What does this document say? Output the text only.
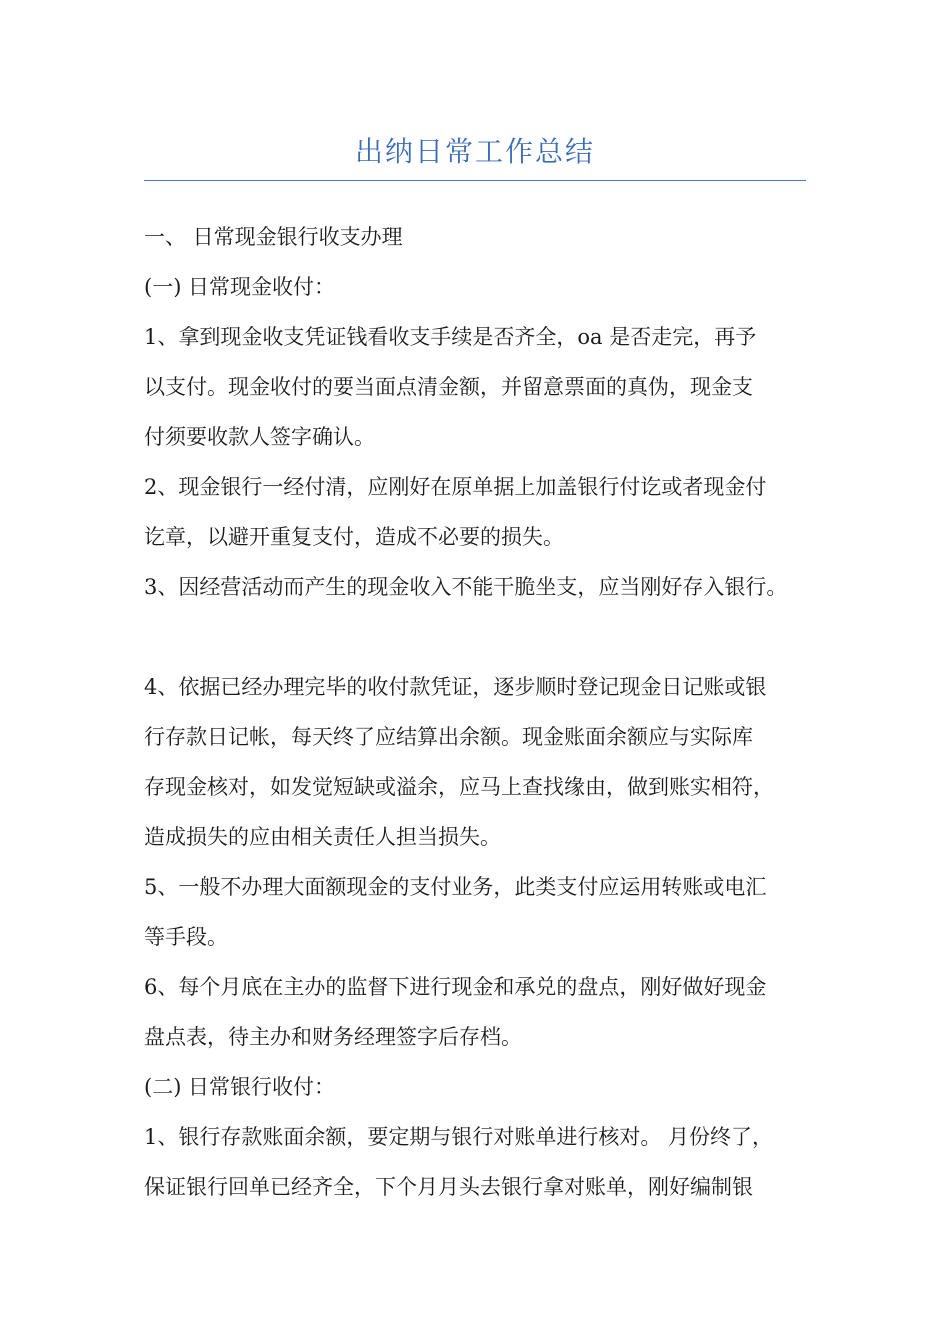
出纳日常工作总结
一、 日常现金银行收支办理
(一) 日常现金收付：
1、拿到现金收支凭证钱看收支手续是否齐全，oa 是否走完，再予
以支付。现金收付的要当面点清金额，并留意票面的真伪，现金支
付须要收款人签字确认。
2、现金银行一经付清，应刚好在原单据上加盖银行付讫或者现金付
讫章，以避开重复支付，造成不必要的损失。
3、因经营活动而产生的现金收入不能干脆坐支，应当刚好存入银行。
4、依据已经办理完毕的收付款凭证，逐步顺时登记现金日记账或银
行存款日记帐，每天终了应结算出余额。现金账面余额应与实际库
存现金核对，如发觉短缺或溢余，应马上查找缘由，做到账实相符，
造成损失的应由相关责任人担当损失。
5、一般不办理大面额现金的支付业务，此类支付应运用转账或电汇
等手段。
6、每个月底在主办的监督下进行现金和承兑的盘点，刚好做好现金
盘点表，待主办和财务经理签字后存档。
(二) 日常银行收付：
1、银行存款账面余额，要定期与银行对账单进行核对。 月份终了，
保证银行回单已经齐全，下个月月头去银行拿对账单，刚好编制银
